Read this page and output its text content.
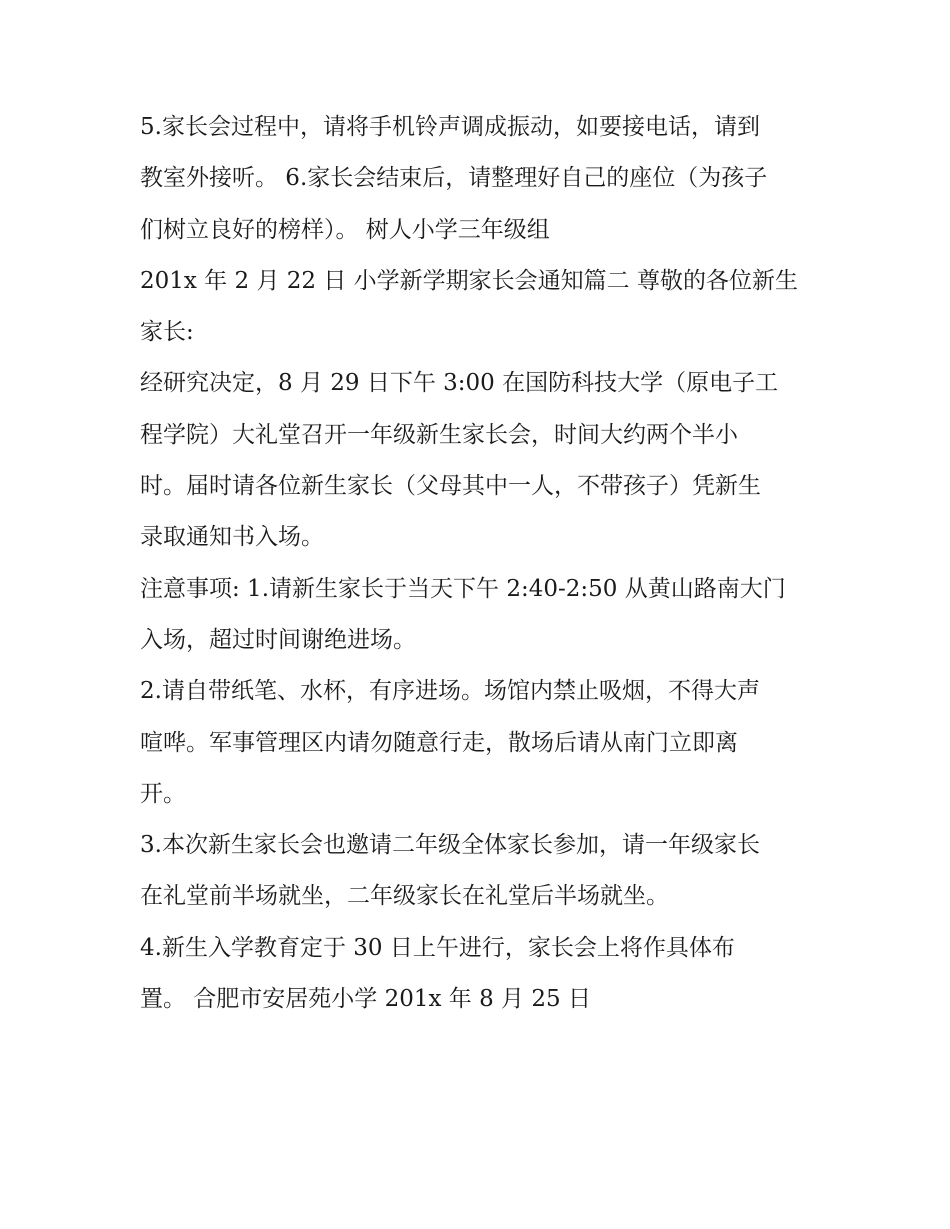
5.家长会过程中，请将手机铃声调成振动，如要接电话，请到
教室外接听。 6.家长会结束后，请整理好自己的座位（为孩子
们树立良好的榜样）。 树人小学三年级组
201x 年 2 月 22 日 小学新学期家长会通知篇二 尊敬的各位新生
家长:
经研究决定，8 月 29 日下午 3:00 在国防科技大学（原电子工
程学院）大礼堂召开一年级新生家长会，时间大约两个半小
时。届时请各位新生家长（父母其中一人，不带孩子）凭新生
录取通知书入场。
注意事项: 1.请新生家长于当天下午 2:40-2:50 从黄山路南大门
入场，超过时间谢绝进场。
2.请自带纸笔、水杯，有序进场。场馆内禁止吸烟，不得大声
喧哗。军事管理区内请勿随意行走，散场后请从南门立即离
开。
3.本次新生家长会也邀请二年级全体家长参加，请一年级家长
在礼堂前半场就坐，二年级家长在礼堂后半场就坐。
4.新生入学教育定于 30 日上午进行，家长会上将作具体布
置。 合肥市安居苑小学 201x 年 8 月 25 日
